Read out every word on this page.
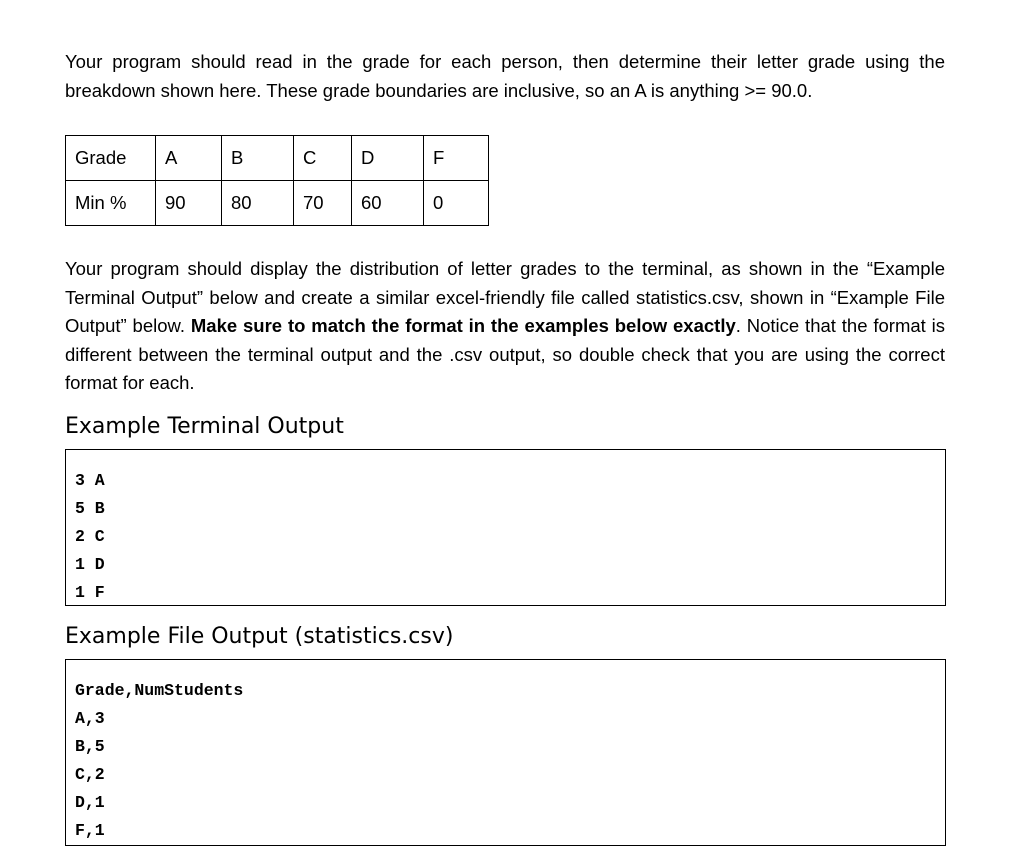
Your program should read in the grade for each person, then determine their letter grade using the breakdown shown here. These grade boundaries are inclusive, so an A is anything >= 90.0.

Grade	A	B	C	D	F
Min %	90	80	70	60	0

Your program should display the distribution of letter grades to the terminal, as shown in the “Example Terminal Output” below and create a similar excel-friendly file called statistics.csv, shown in “Example File Output” below. Make sure to match the format in the examples below exactly. Notice that the format is different between the terminal output and the .csv output, so double check that you are using the correct format for each.

Example Terminal Output
3 A
5 B
2 C
1 D
1 F
Example File Output (statistics.csv)
Grade,NumStudents
A,3
B,5
C,2
D,1
F,1
